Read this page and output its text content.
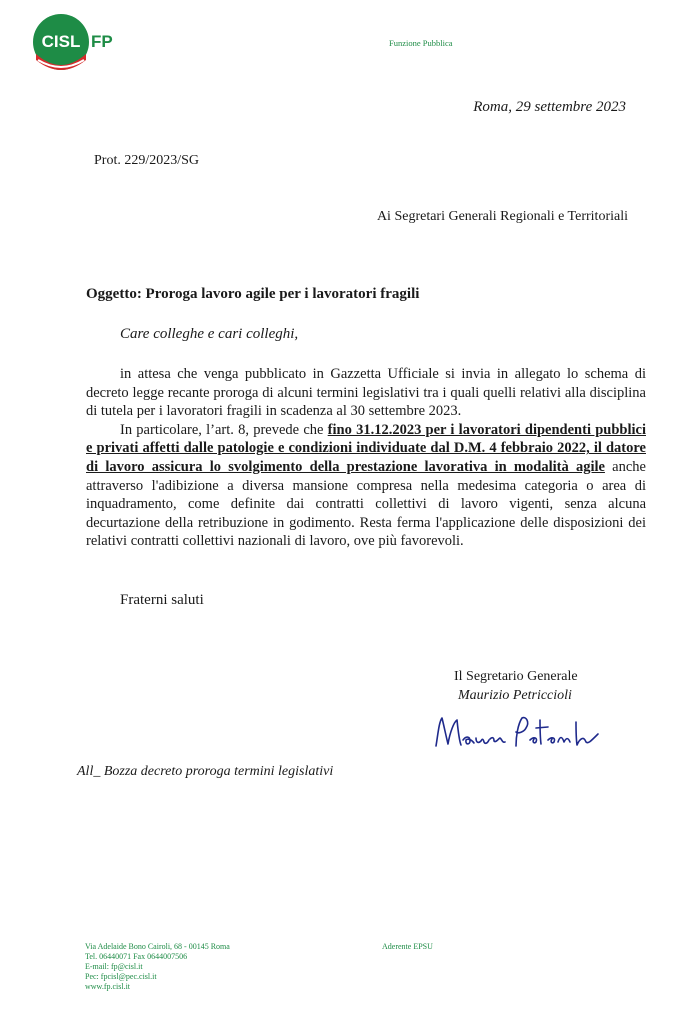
CISL FP	Funzione Pubblica
Roma, 29 settembre 2023
Prot. 229/2023/SG
Ai Segretari Generali Regionali e Territoriali
Oggetto: Proroga lavoro agile per i lavoratori fragili
Care colleghe e cari colleghi,

in attesa che venga pubblicato in Gazzetta Ufficiale si invia in allegato lo schema di decreto legge recante proroga di alcuni termini legislativi tra i quali quelli relativi alla disciplina di tutela per i lavoratori fragili in scadenza al 30 settembre 2023.

In particolare, l’art. 8, prevede che fino 31.12.2023 per i lavoratori dipendenti pubblici e privati affetti dalle patologie e condizioni individuate dal D.M. 4 febbraio 2022, il datore di lavoro assicura lo svolgimento della prestazione lavorativa in modalità agile anche attraverso l'adibizione a diversa mansione compresa nella medesima categoria o area di inquadramento, come definite dai contratti collettivi di lavoro vigenti, senza alcuna decurtazione della retribuzione in godimento. Resta ferma l'applicazione delle disposizioni dei relativi contratti collettivi nazionali di lavoro, ove più favorevoli.

Fraterni saluti
Il Segretario Generale
Maurizio Petriccioli
All_ Bozza decreto proroga termini legislativi
Via Adelaide Bono Cairoli, 68 - 00145 Roma
Tel. 06440071 Fax 0644007506
E-mail: fp@cisl.it
Pec: fpcisl@pec.cisl.it
www.fp.cisl.it
Aderente EPSU
